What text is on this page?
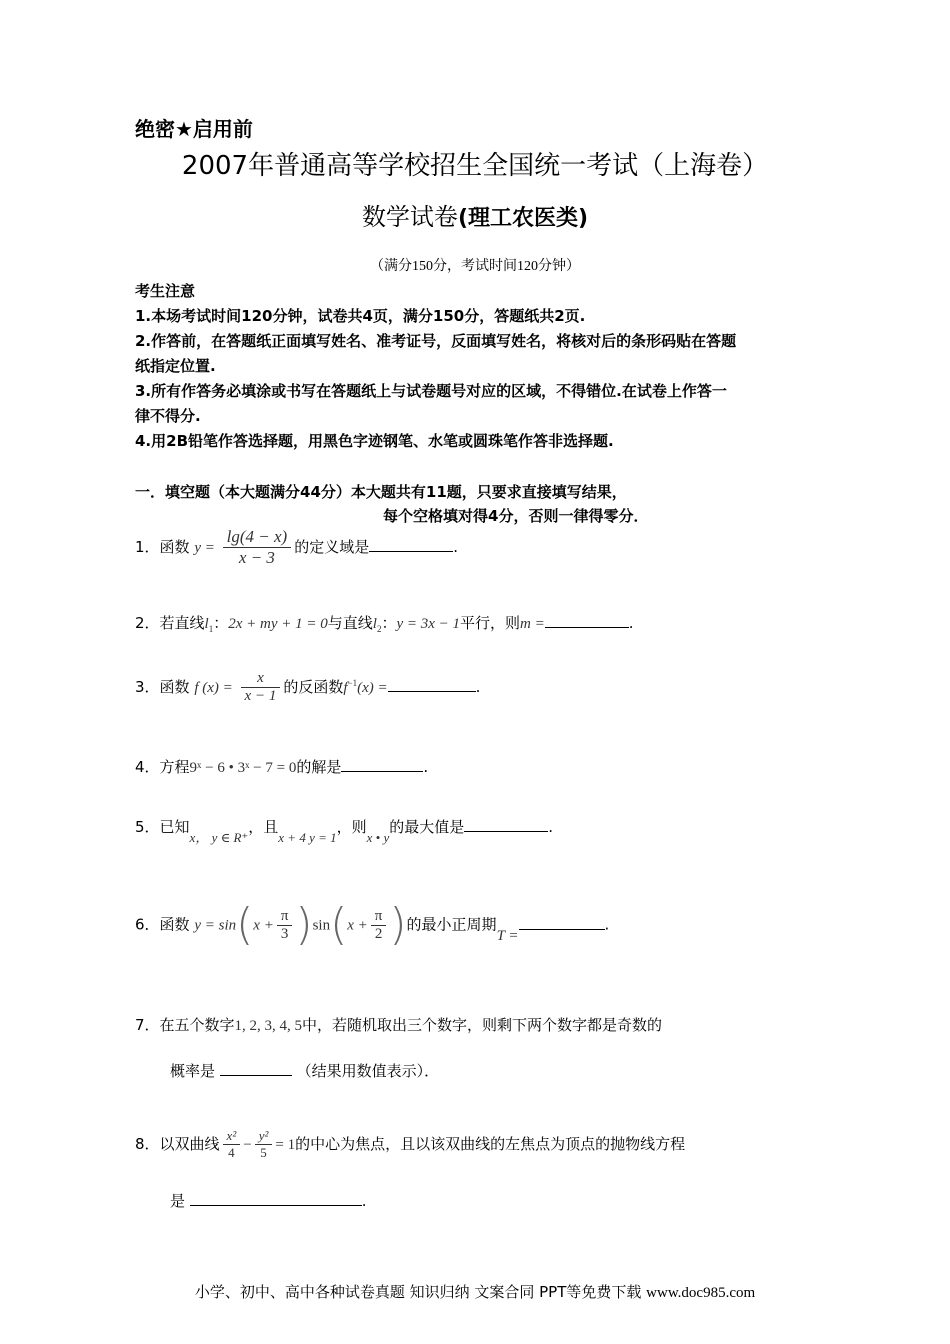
绝密★启用前
2007年普通高等学校招生全国统一考试（上海卷）
数学试卷(理工农医类)
（满分150分，考试时间120分钟）
考生注意
1.本场考试时间120分钟，试卷共4页，满分150分，答题纸共2页.
2.作答前，在答题纸正面填写姓名、准考证号，反面填写姓名，将核对后的条形码贴在答题
纸指定位置.
3.所有作答务必填涂或书写在答题纸上与试卷题号对应的区域，不得错位.在试卷上作答一
律不得分.
4.用2B铅笔作答选择题，用黑色字迹钢笔、水笔或圆珠笔作答非选择题.
一．填空题（本大题满分44分）本大题共有11题，只要求直接填写结果，
每个空格填对得4分，否则一律得零分．
1．函数 $y = \frac{\lg(4 - x)}{x - 3}$ 的定义域是	.
2．若直线$l_1$：2x + my + 1 = 0与直线$l_2$：y = 3x − 1平行，则m =	.
3．函数 f $(x) = \frac{x}{x - 1}$ 的反函数$f^{-1}(x)$ =	.
4．方程9ˣ − 6 • 3ˣ − 7 = 0的解是	.
5．已知x， y ∈ R⁺，且x + 4 y = 1，则x • y的最大值是	.
6．函数 $y = \sin(x + \frac{\pi}{3} )\sin(x + \frac{\pi}{2}$ )的最小正周期T =.
7．在五个数字1, 2, 3, 4, 5中，若随机取出三个数字，则剩下两个数字都是奇数的
概率是	（结果用数值表示）．
8．以双曲线 $\frac{\text{x²}}{4} - \frac{\text{y²}}{5} = 1$的中心为焦点，且以该双曲线的左焦点为顶点的抛物线方程
是	.
小学、初中、高中各种试卷真题 知识归纳 文案合同 PPT等免费下载 www.doc985.com
